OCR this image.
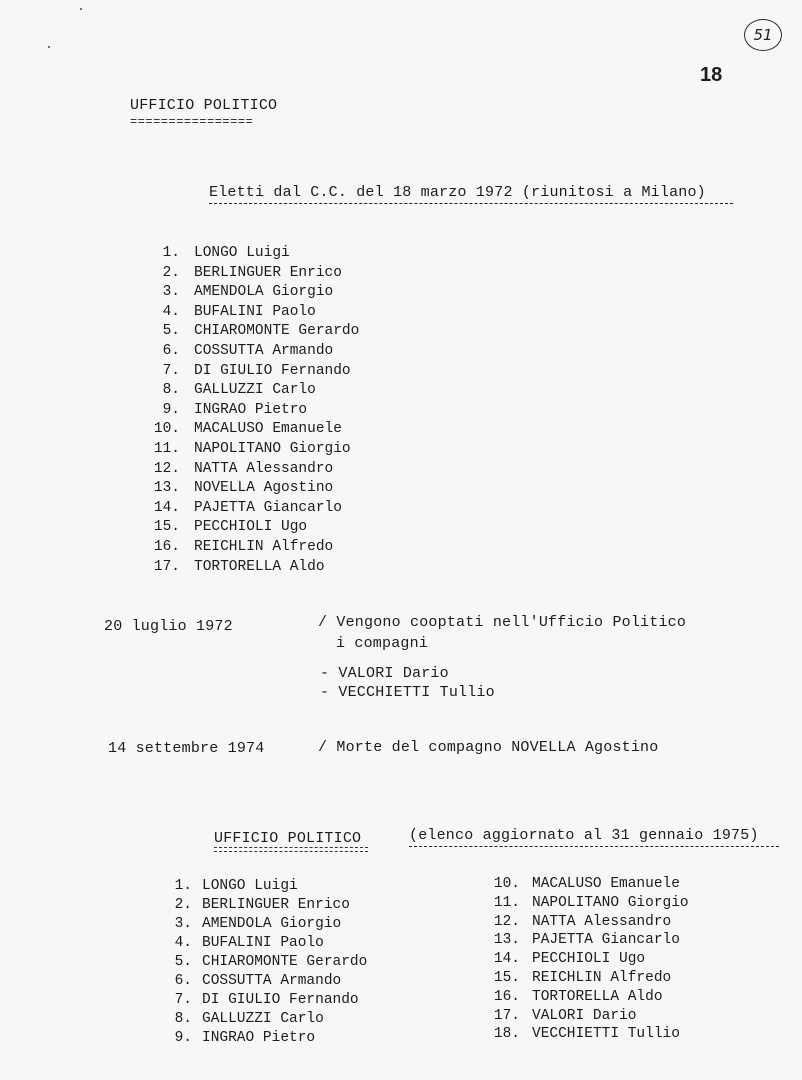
51
18
UFFICIO POLITICO
================
Eletti dal C.C. del 18 marzo 1972 (riunitosi a Milano)
1. LONGO Luigi
2. BERLINGUER Enrico
3. AMENDOLA Giorgio
4. BUFALINI Paolo
5. CHIAROMONTE Gerardo
6. COSSUTTA Armando
7. DI GIULIO Fernando
8. GALLUZZI Carlo
9. INGRAO Pietro
10. MACALUSO Emanuele
11. NAPOLITANO Giorgio
12. NATTA Alessandro
13. NOVELLA Agostino
14. PAJETTA Giancarlo
15. PECCHIOLI Ugo
16. REICHLIN Alfredo
17. TORTORELLA Aldo
20 luglio 1972	/ Vengono cooptati nell'Ufficio Politico
i compagni
- VALORI Dario
- VECCHIETTI Tullio
14 settembre 1974	/ Morte del compagno NOVELLA Agostino
UFFICIO POLITICO	(elenco aggiornato al 31 gennaio 1975)
1. LONGO Luigi
2. BERLINGUER Enrico
3. AMENDOLA Giorgio
4. BUFALINI Paolo
5. CHIAROMONTE Gerardo
6. COSSUTTA Armando
7. DI GIULIO Fernando
8. GALLUZZI Carlo
9. INGRAO Pietro
10. MACALUSO Emanuele
11. NAPOLITANO Giorgio
12. NATTA Alessandro
13. PAJETTA Giancarlo
14. PECCHIOLI Ugo
15. REICHLIN Alfredo
16. TORTORELLA Aldo
17. VALORI Dario
18. VECCHIETTI Tullio
